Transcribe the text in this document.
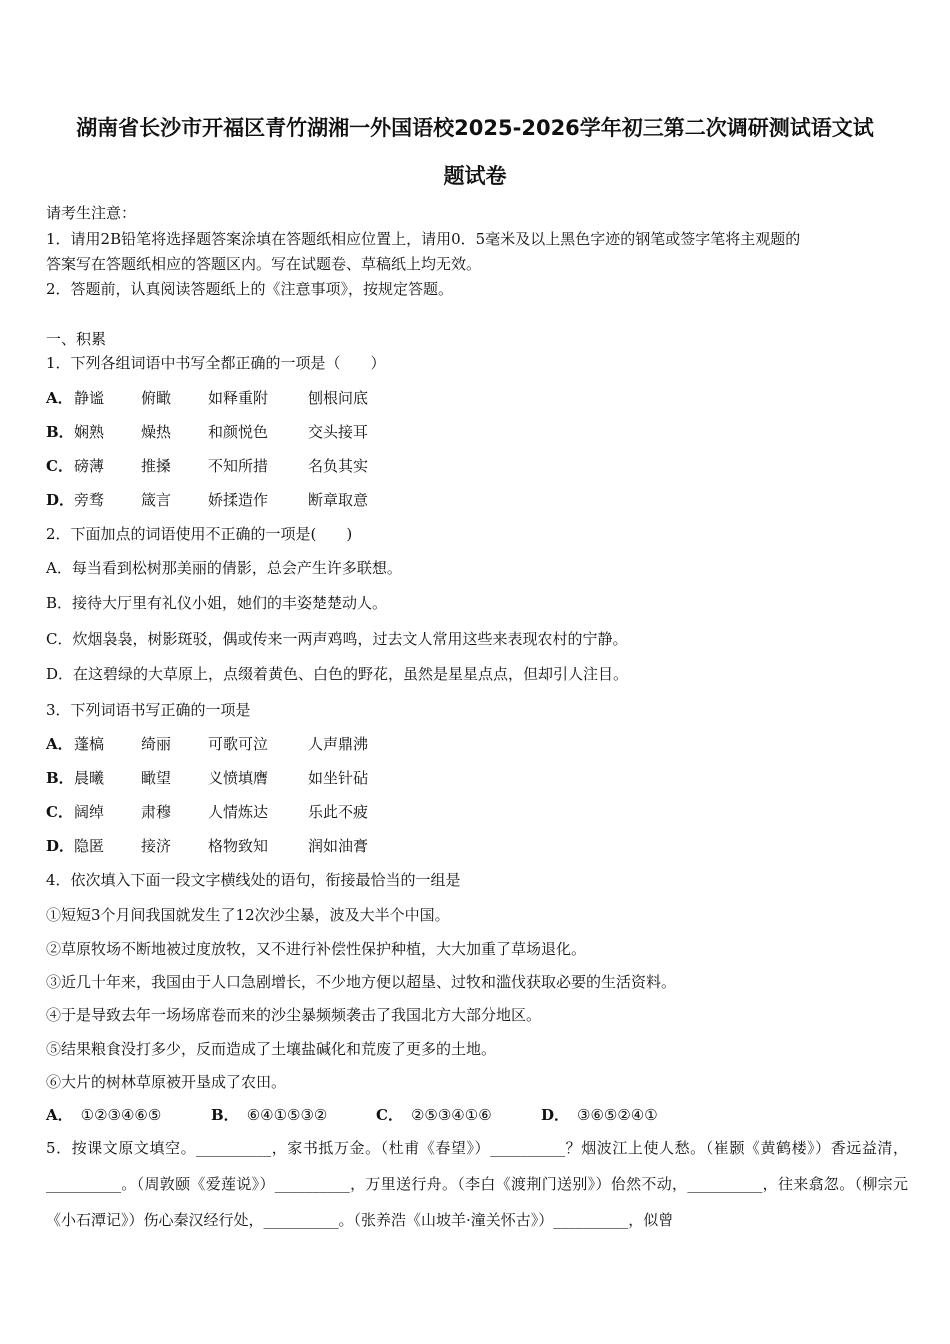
湖南省长沙市开福区青竹湖湘一外国语校2025-2026学年初三第二次调研测试语文试
题试卷
请考生注意：
1．请用2B铅笔将选择题答案涂填在答题纸相应位置上，请用0．5毫米及以上黑色字迹的钢笔或签字笔将主观题的
答案写在答题纸相应的答题区内。写在试题卷、草稿纸上均无效。
2．答题前，认真阅读答题纸上的《注意事项》，按规定答题。
一、积累
1．下列各组词语中书写全都正确的一项是（　　）
A．静谧 俯瞰 如释重附	刨根问底
B．娴熟 燥热 和颜悦色	交头接耳
C．磅薄 推搡 不知所措	名负其实
D．旁骛 箴言 娇揉造作	断章取意
2．下面加点的词语使用不正确的一项是(　　)
A．每当看到松树那美丽的倩影，总会产生许多联想。
B．接待大厅里有礼仪小姐，她们的丰姿楚楚动人。
C．炊烟袅袅，树影斑驳，偶或传来一两声鸡鸣，过去文人常用这些来表现农村的宁静。
D．在这碧绿的大草原上，点缀着黄色、白色的野花，虽然是星星点点，但却引人注目。
3．下列词语书写正确的一项是
A．蓬槁 绮丽 可歌可泣	人声鼎沸
B．晨曦 瞰望 义愤填膺	如坐针砧
C．阔绰 肃穆 人情炼达	乐此不疲
D．隐匿 接济 格物致知	润如油膏
4．依次填入下面一段文字横线处的语句，衔接最恰当的一组是
①短短3个月间我国就发生了12次沙尘暴，波及大半个中国。
②草原牧场不断地被过度放牧，又不进行补偿性保护种植，大大加重了草场退化。
③近几十年来，我国由于人口急剧增长，不少地方便以超垦、过牧和滥伐获取必要的生活资料。
④于是导致去年一场场席卷而来的沙尘暴频频袭击了我国北方大部分地区。
⑤结果粮食没打多少，反而造成了土壤盐碱化和荒废了更多的土地。
⑥大片的树林草原被开垦成了农田。
A． ①②③④⑥⑤	B． ⑥④①⑤③②	C． ②⑤③④①⑥	D． ③⑥⑤②④①
5．按课文原文填空。__________，家书抵万金。（杜甫《春望》）__________？烟波江上使人愁。（崔颢《黄鹤楼》）香远益清，__________。（周敦颐《爱莲说》）__________，万里送行舟。（李白《渡荆门送别》）佁然不动，__________，往来翕忽。（柳宗元《小石潭记》）伤心秦汉经行处，__________。（张养浩《山坡羊·潼关怀古》）__________，似曾
